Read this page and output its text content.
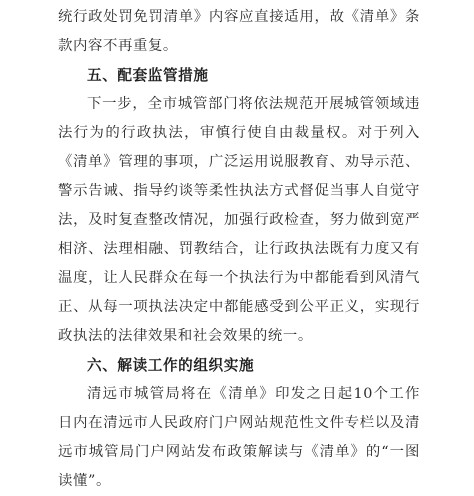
统行政处罚免罚清单》内容应直接适用，故《清单》条款内容不再重复。

五、配套监管措施

下一步，全市城管部门将依法规范开展城管领域违法行为的行政执法，审慎行使自由裁量权。对于列入《清单》管理的事项，广泛运用说服教育、劝导示范、警示告诫、指导约谈等柔性执法方式督促当事人自觉守法，及时复查整改情况，加强行政检查，努力做到宽严相济、法理相融、罚教结合，让行政执法既有力度又有温度，让人民群众在每一个执法行为中都能看到风清气正、从每一项执法决定中都能感受到公平正义，实现行政执法的法律效果和社会效果的统一。

六、解读工作的组织实施

清远市城管局将在《清单》印发之日起10个工作日内在清远市人民政府门户网站规范性文件专栏以及清远市城管局门户网站发布政策解读与《清单》的“一图读懂”。
